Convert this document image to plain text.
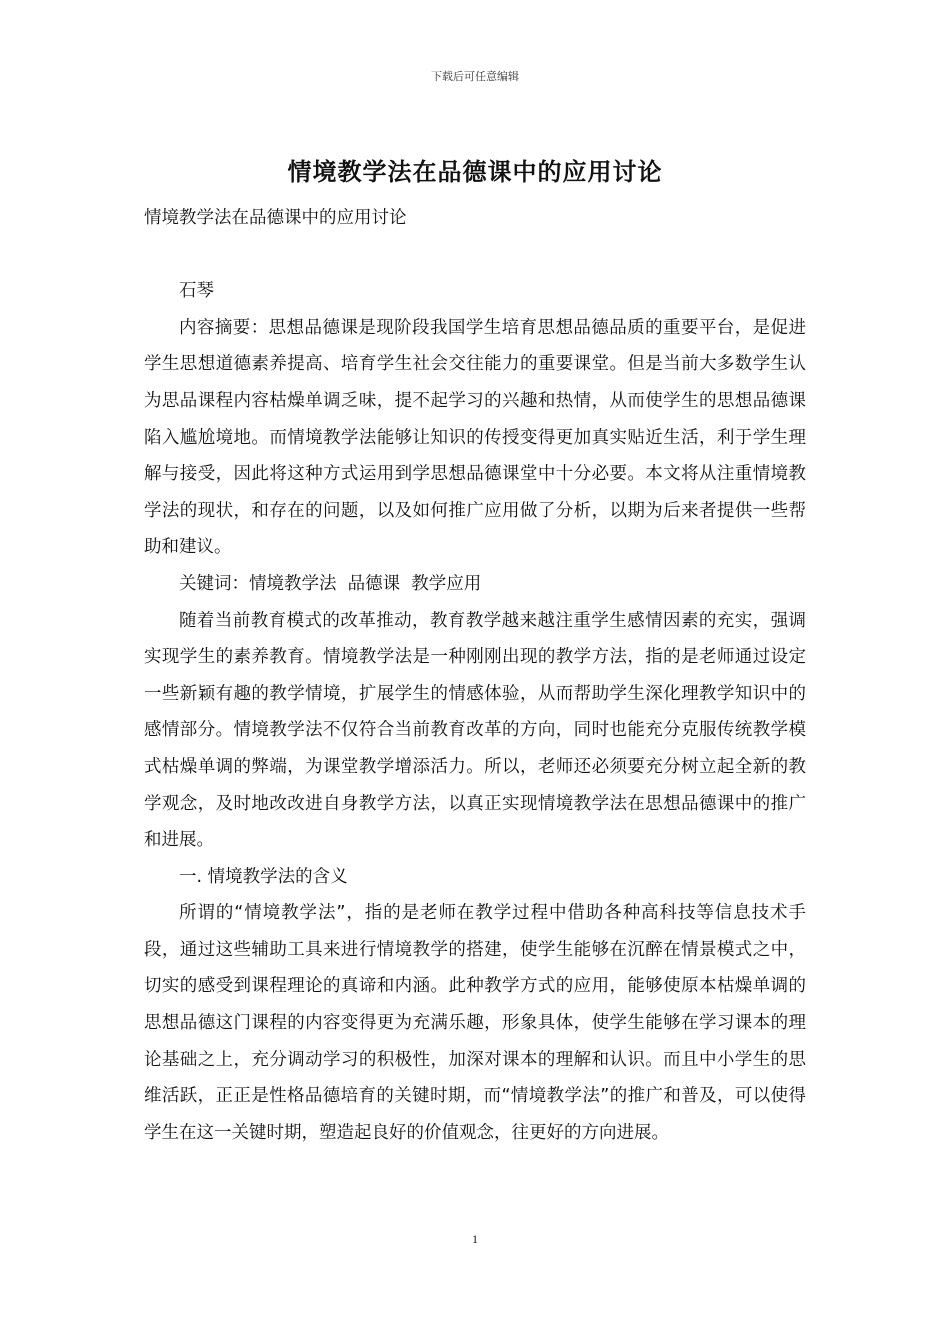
下载后可任意编辑
情境教学法在品德课中的应用讨论

情境教学法在品德课中的应用讨论

石琴

内容摘要：思想品德课是现阶段我国学生培育思想品德品质的重要平台，是促进学生思想道德素养提高、培育学生社会交往能力的重要课堂。但是当前大多数学生认为思品课程内容枯燥单调乏味，提不起学习的兴趣和热情，从而使学生的思想品德课陷入尴尬境地。而情境教学法能够让知识的传授变得更加真实贴近生活，利于学生理解与接受，因此将这种方式运用到学思想品德课堂中十分必要。本文将从注重情境教学法的现状，和存在的问题，以及如何推广应用做了分析，以期为后来者提供一些帮助和建议。

关键词：情境教学法  品德课  教学应用

随着当前教育模式的改革推动，教育教学越来越注重学生感情因素的充实，强调实现学生的素养教育。情境教学法是一种刚刚出现的教学方法，指的是老师通过设定一些新颖有趣的教学情境，扩展学生的情感体验，从而帮助学生深化理教学知识中的感情部分。情境教学法不仅符合当前教育改革的方向，同时也能充分克服传统教学模式枯燥单调的弊端，为课堂教学增添活力。所以，老师还必须要充分树立起全新的教学观念，及时地改改进自身教学方法，以真正实现情境教学法在思想品德课中的推广和进展。

一. 情境教学法的含义

所谓的“情境教学法”，指的是老师在教学过程中借助各种高科技等信息技术手段，通过这些辅助工具来进行情境教学的搭建，使学生能够在沉醉在情景模式之中，切实的感受到课程理论的真谛和内涵。此种教学方式的应用，能够使原本枯燥单调的思想品德这门课程的内容变得更为充满乐趣，形象具体，使学生能够在学习课本的理论基础之上，充分调动学习的积极性，加深对课本的理解和认识。而且中小学生的思维活跃，正正是性格品德培育的关键时期，而“情境教学法”的推广和普及，可以使得学生在这一关键时期，塑造起良好的价值观念，往更好的方向进展。

1
